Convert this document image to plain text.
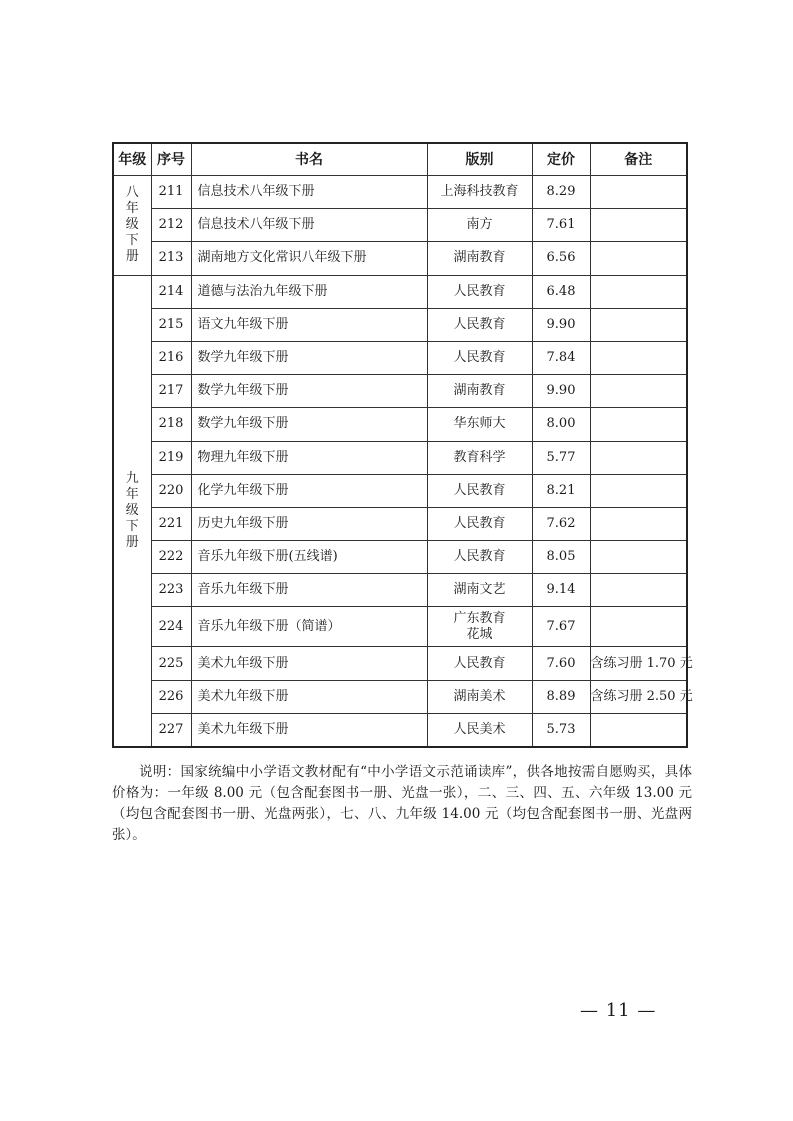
年级	序号	书名	版别	定价	备注

八
年
级
下
册	211	信息技术八年级下册	上海科技教育	8.29	
	212	信息技术八年级下册	南方	7.61	
	213	湖南地方文化常识八年级下册	湖南教育	6.56	

九
年
级
下
册	214	道德与法治九年级下册	人民教育	6.48	
	215	语文九年级下册	人民教育	9.90	
	216	数学九年级下册	人民教育	7.84	
	217	数学九年级下册	湖南教育	9.90	
	218	数学九年级下册	华东师大	8.00	
	219	物理九年级下册	教育科学	5.77	
	220	化学九年级下册	人民教育	8.21	
	221	历史九年级下册	人民教育	7.62	
	222	音乐九年级下册(五线谱)	人民教育	8.05	
	223	音乐九年级下册	湖南文艺	9.14	
	224	音乐九年级下册（简谱）	广东教育
花城	7.67	
	225	美术九年级下册	人民教育	7.60	含练习册 1.70 元
	226	美术九年级下册	湖南美术	8.89	含练习册 2.50 元
	227	美术九年级下册	人民美术	5.73	

说明：国家统编中小学语文教材配有“中小学语文示范诵读库”，供各地按需自愿购买，具体价格为：一年级 8.00 元（包含配套图书一册、光盘一张），二、三、四、五、六年级 13.00 元（均包含配套图书一册、光盘两张），七、八、九年级 14.00 元（均包含配套图书一册、光盘两张）。

— 11 —
